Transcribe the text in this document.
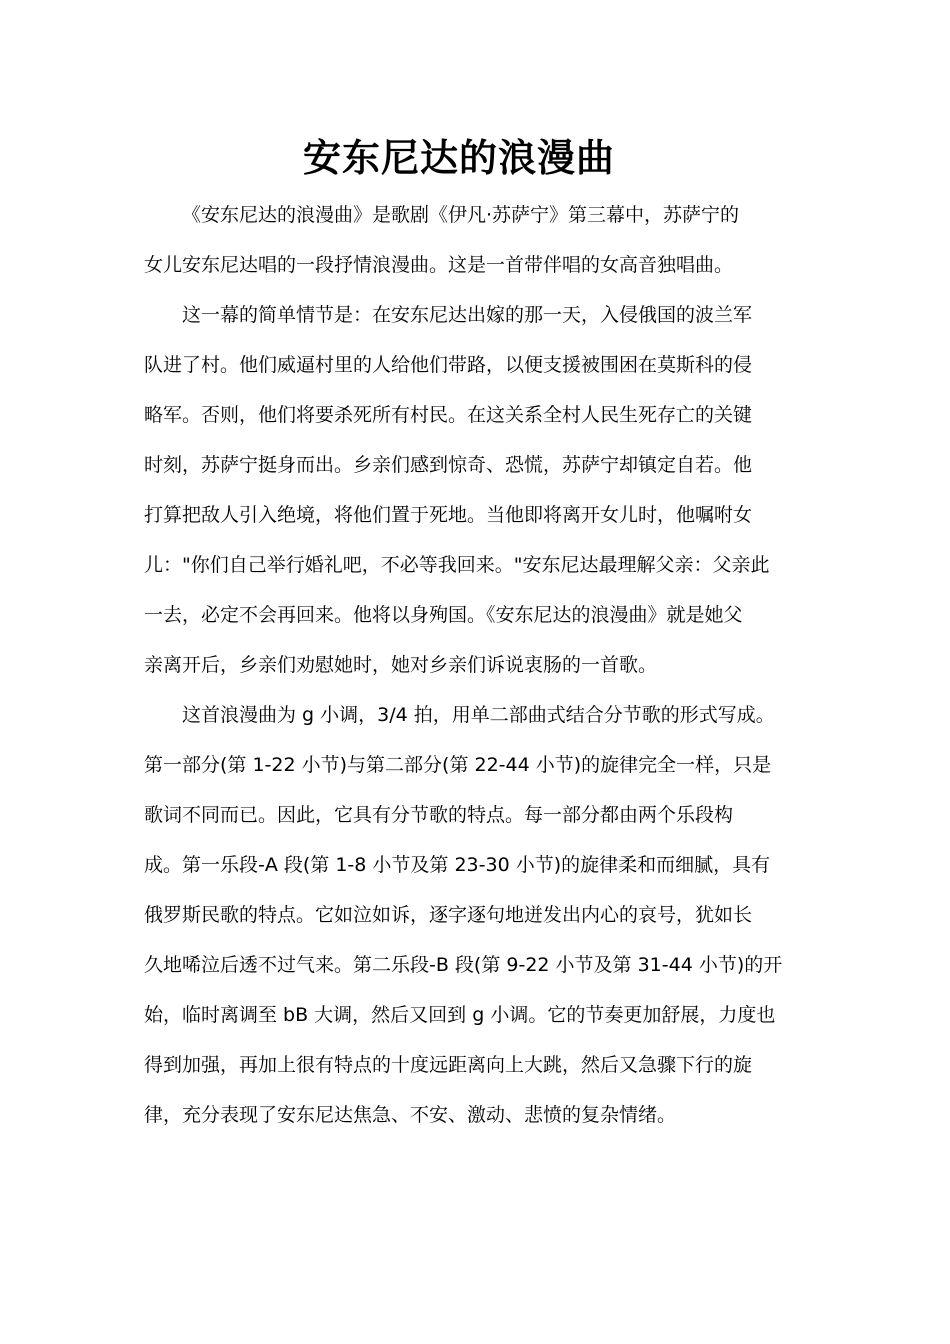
安东尼达的浪漫曲
《安东尼达的浪漫曲》是歌剧《伊凡·苏萨宁》第三幕中，苏萨宁的
女儿安东尼达唱的一段抒情浪漫曲。这是一首带伴唱的女高音独唱曲。
这一幕的简单情节是：在安东尼达出嫁的那一天，入侵俄国的波兰军
队进了村。他们威逼村里的人给他们带路，以便支援被围困在莫斯科的侵
略军。否则，他们将要杀死所有村民。在这关系全村人民生死存亡的关键
时刻，苏萨宁挺身而出。乡亲们感到惊奇、恐慌，苏萨宁却镇定自若。他
打算把敌人引入绝境，将他们置于死地。当他即将离开女儿时，他嘱咐女
儿："你们自己举行婚礼吧，不必等我回来。"安东尼达最理解父亲：父亲此
一去，必定不会再回来。他将以身殉国。《安东尼达的浪漫曲》就是她父
亲离开后，乡亲们劝慰她时，她对乡亲们诉说衷肠的一首歌。
这首浪漫曲为 g 小调，3/4 拍，用单二部曲式结合分节歌的形式写成。
第一部分(第 1-22 小节)与第二部分(第 22-44 小节)的旋律完全一样，只是
歌词不同而已。因此，它具有分节歌的特点。每一部分都由两个乐段构
成。第一乐段-A 段(第 1-8 小节及第 23-30 小节)的旋律柔和而细腻，具有
俄罗斯民歌的特点。它如泣如诉，逐字逐句地迸发出内心的哀号，犹如长
久地唏泣后透不过气来。第二乐段-B 段(第 9-22 小节及第 31-44 小节)的开
始，临时离调至 bB 大调，然后又回到 g 小调。它的节奏更加舒展，力度也
得到加强，再加上很有特点的十度远距离向上大跳，然后又急骤下行的旋
律，充分表现了安东尼达焦急、不安、激动、悲愤的复杂情绪。
